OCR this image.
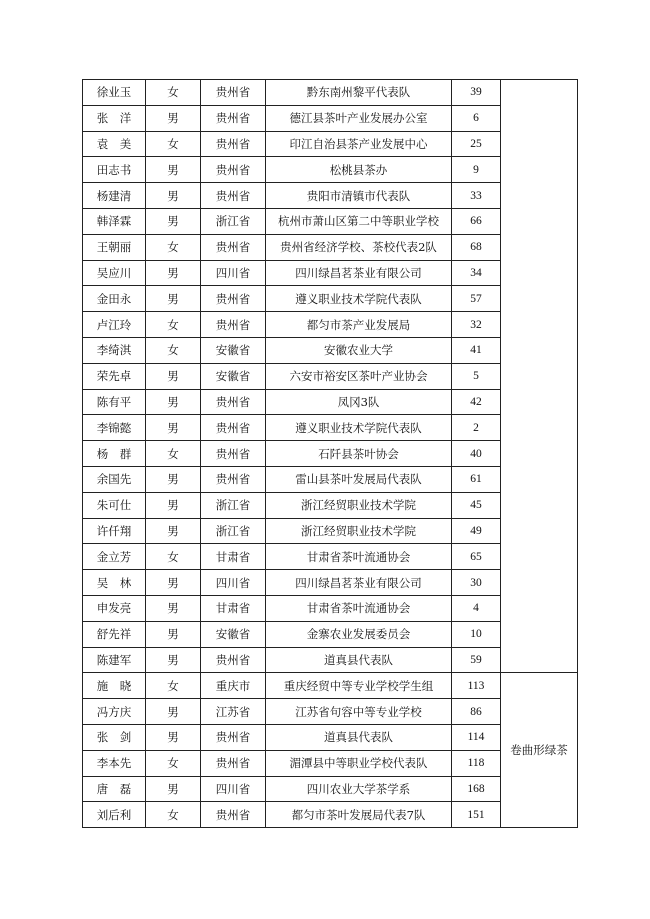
徐业玉	女	贵州省	黔东南州黎平代表队	39	
张　洋	男	贵州省	德江县茶叶产业发展办公室	6	
袁　美	女	贵州省	印江自治县茶产业发展中心	25	
田志书	男	贵州省	松桃县茶办	9	
杨建清	男	贵州省	贵阳市清镇市代表队	33	
韩泽霖	男	浙江省	杭州市萧山区第二中等职业学校	66	
王朝丽	女	贵州省	贵州省经济学校、茶校代表2队	68	
吴应川	男	四川省	四川绿昌茗茶业有限公司	34	
金田永	男	贵州省	遵义职业技术学院代表队	57	
卢江玲	女	贵州省	都匀市茶产业发展局	32	
李绮淇	女	安徽省	安徽农业大学	41	
荣先卓	男	安徽省	六安市裕安区茶叶产业协会	5	
陈有平	男	贵州省	凤冈3队	42	
李锦懿	男	贵州省	遵义职业技术学院代表队	2	
杨　群	女	贵州省	石阡县茶叶协会	40	
余国先	男	贵州省	雷山县茶叶发展局代表队	61	
朱可仕	男	浙江省	浙江经贸职业技术学院	45	
许仟翔	男	浙江省	浙江经贸职业技术学院	49	
金立芳	女	甘肃省	甘肃省茶叶流通协会	65	
吴　林	男	四川省	四川绿昌茗茶业有限公司	30	
申发亮	男	甘肃省	甘肃省茶叶流通协会	4	
舒先祥	男	安徽省	金寨农业发展委员会	10	
陈建军	男	贵州省	道真县代表队	59	
施　晓	女	重庆市	重庆经贸中等专业学校学生组	113	卷曲形绿茶
冯方庆	男	江苏省	江苏省句容中等专业学校	86	
张　剑	男	贵州省	道真县代表队	114	
李本先	女	贵州省	湄潭县中等职业学校代表队	118	
唐　磊	男	四川省	四川农业大学茶学系	168	
刘后利	女	贵州省	都匀市茶叶发展局代表7队	151	
